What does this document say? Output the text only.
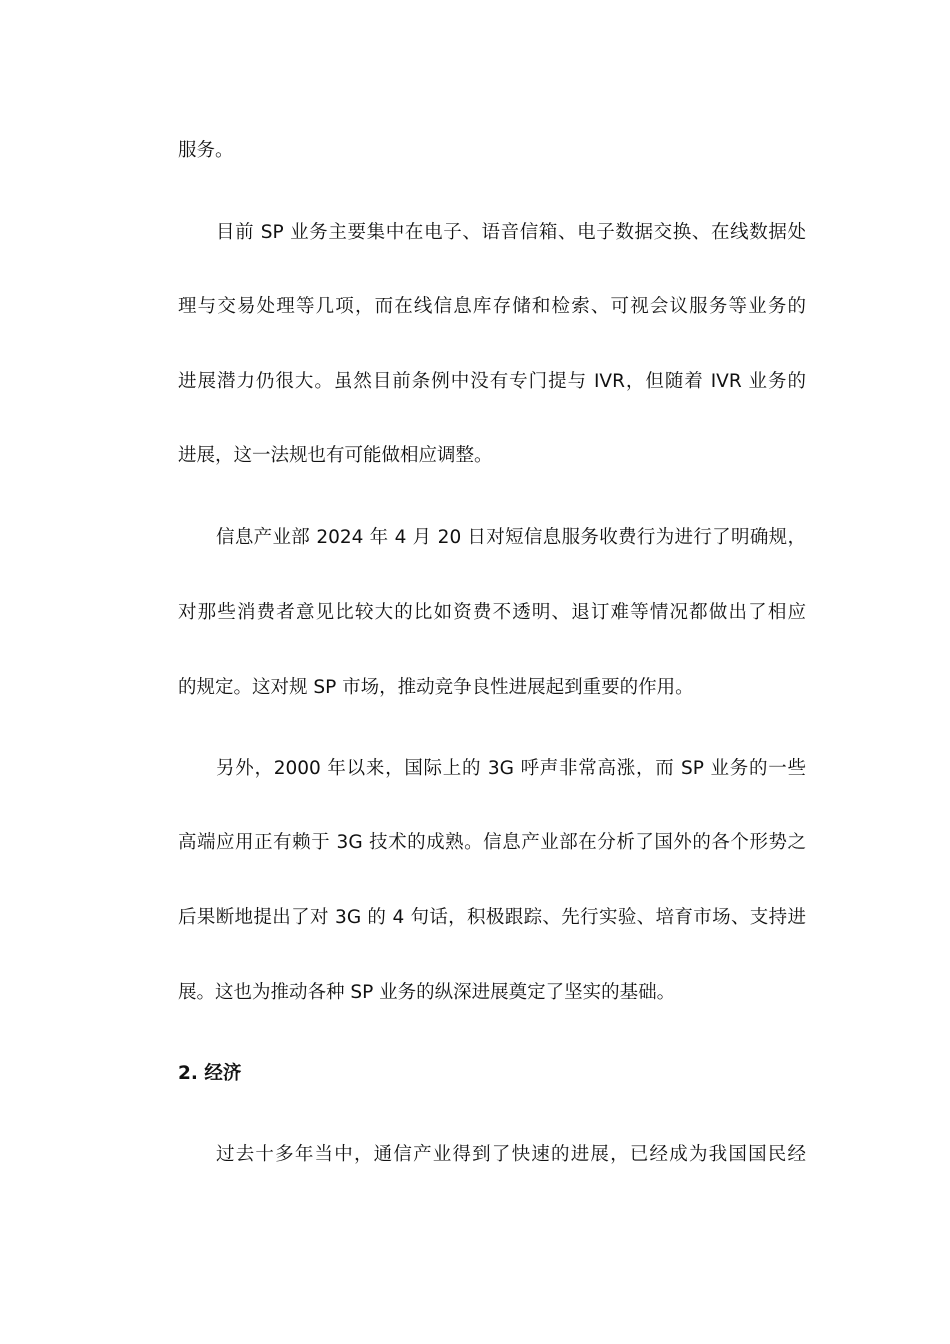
服务。
目前 SP 业务主要集中在电子、语音信箱、电子数据交换、在线数据处
理与交易处理等几项，而在线信息库存储和检索、可视会议服务等业务的
进展潜力仍很大。虽然目前条例中没有专门提与 IVR，但随着 IVR 业务的
进展，这一法规也有可能做相应调整。
信息产业部 2024 年 4 月 20 日对短信息服务收费行为进行了明确规，
对那些消费者意见比较大的比如资费不透明、退订难等情况都做出了相应
的规定。这对规 SP 市场，推动竞争良性进展起到重要的作用。
另外，2000 年以来，国际上的 3G 呼声非常高涨，而 SP 业务的一些
高端应用正有赖于 3G 技术的成熟。信息产业部在分析了国外的各个形势之
后果断地提出了对 3G 的 4 句话，积极跟踪、先行实验、培育市场、支持进
展。这也为推动各种 SP 业务的纵深进展奠定了坚实的基础。
2. 经济
过去十多年当中，通信产业得到了快速的进展，已经成为我国国民经
